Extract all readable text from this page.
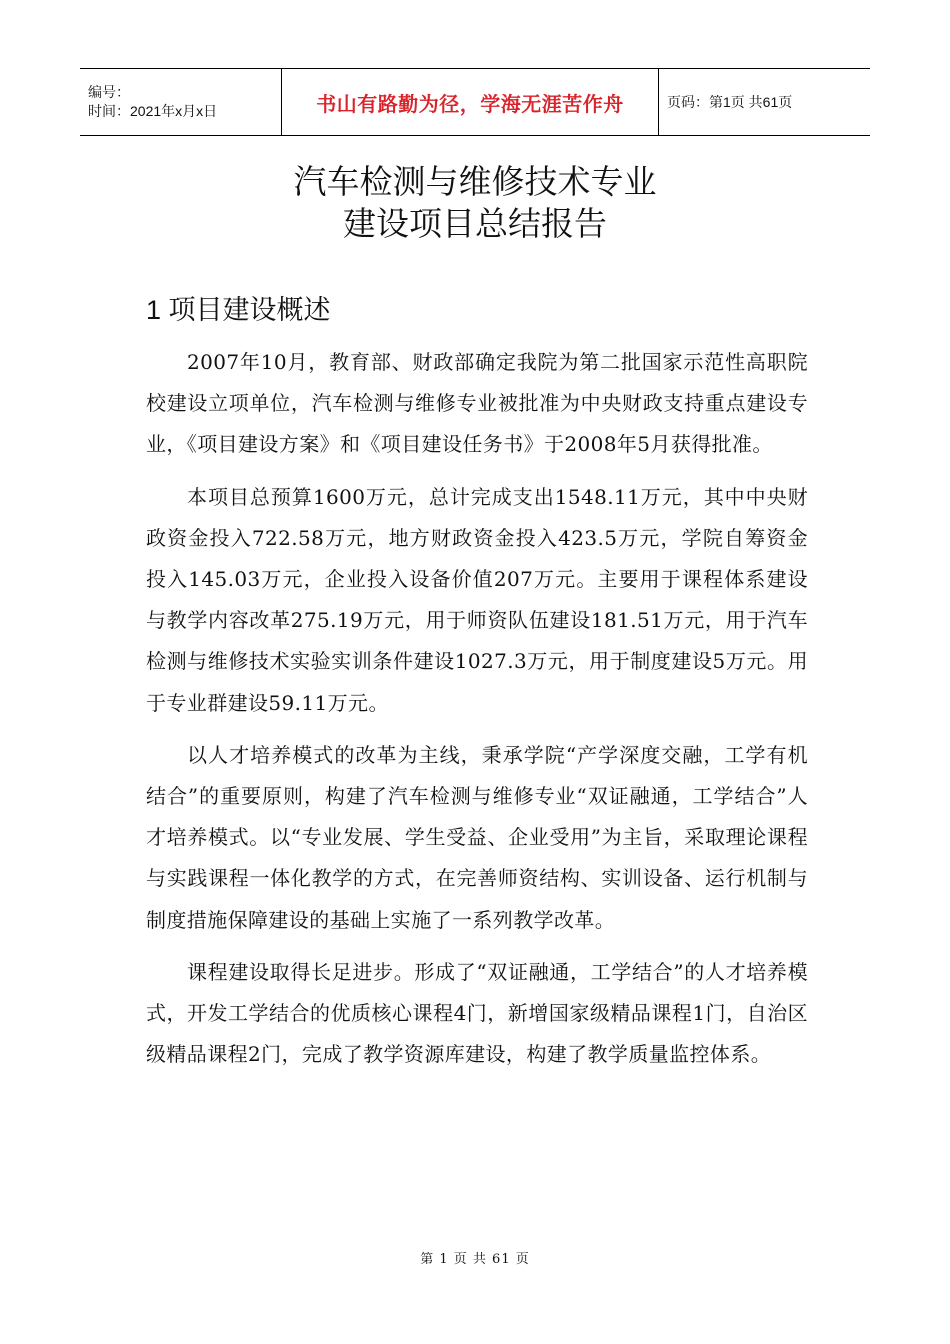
编号：
时间：2021年x月x日	书山有路勤为径，学海无涯苦作舟	页码：第1页 共61页
汽车检测与维修技术专业
建设项目总结报告
1 项目建设概述

2007年10月，教育部、财政部确定我院为第二批国家示范性高职院校建设立项单位，汽车检测与维修专业被批准为中央财政支持重点建设专业，《项目建设方案》和《项目建设任务书》于2008年5月获得批准。

本项目总预算1600万元，总计完成支出1548.11万元，其中中央财政资金投入722.58万元，地方财政资金投入423.5万元，学院自筹资金投入145.03万元，企业投入设备价值207万元。主要用于课程体系建设与教学内容改革275.19万元，用于师资队伍建设181.51万元，用于汽车检测与维修技术实验实训条件建设1027.3万元，用于制度建设5万元。用于专业群建设59.11万元。

以人才培养模式的改革为主线，秉承学院“产学深度交融，工学有机结合”的重要原则，构建了汽车检测与维修专业“双证融通，工学结合”人才培养模式。以“专业发展、学生受益、企业受用”为主旨，采取理论课程与实践课程一体化教学的方式，在完善师资结构、实训设备、运行机制与制度措施保障建设的基础上实施了一系列教学改革。

课程建设取得长足进步。形成了“双证融通，工学结合”的人才培养模式，开发工学结合的优质核心课程4门，新增国家级精品课程1门，自治区级精品课程2门，完成了教学资源库建设，构建了教学质量监控体系。

第 1 页 共 61 页
